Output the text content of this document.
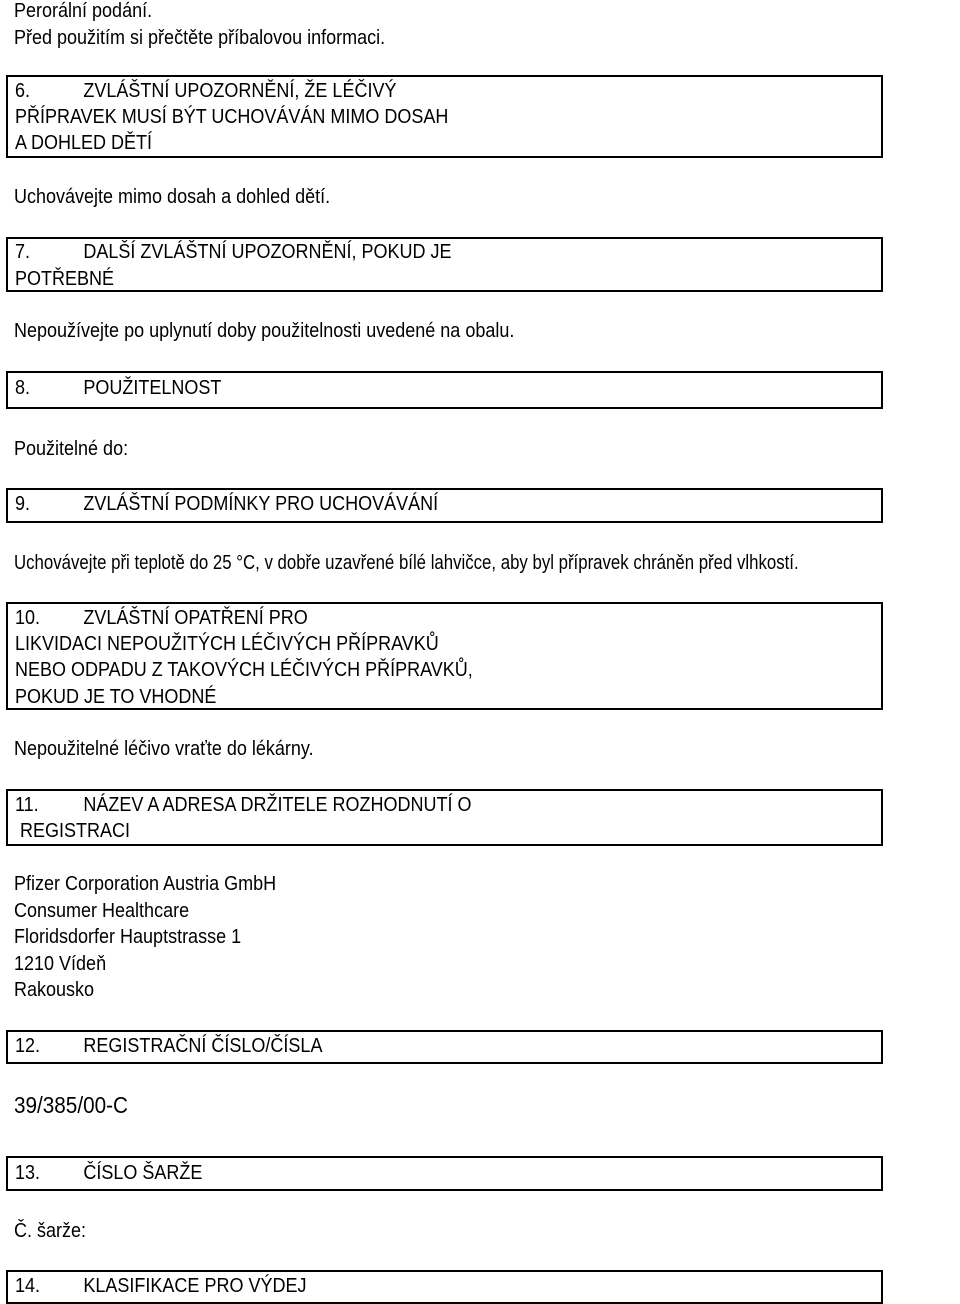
Perorální podání.
Před použitím si přečtěte příbalovou informaci.
6.	ZVLÁŠTNÍ UPOZORNĚNÍ, ŽE LÉČIVÝ
PŘÍPRAVEK MUSÍ BÝT UCHOVÁVÁN MIMO DOSAH
A DOHLED DĚTÍ
Uchovávejte mimo dosah a dohled dětí.
7.	DALŠÍ ZVLÁŠTNÍ UPOZORNĚNÍ, POKUD JE
POTŘEBNÉ
Nepoužívejte po uplynutí doby použitelnosti uvedené na obalu.
8.	POUŽITELNOST
Použitelné do:
9.	ZVLÁŠTNÍ PODMÍNKY PRO UCHOVÁVÁNÍ
Uchovávejte při teplotě do 25 °C, v dobře uzavřené bílé lahvičce, aby byl přípravek chráněn před vlhkostí.
10. ZVLÁŠTNÍ OPATŘENÍ PRO
LIKVIDACI NEPOUŽITÝCH LÉČIVÝCH PŘÍPRAVKŮ
NEBO ODPADU Z TAKOVÝCH LÉČIVÝCH PŘÍPRAVKŮ,
POKUD JE TO VHODNÉ
Nepoužitelné léčivo vraťte do lékárny.
11. NÁZEV A ADRESA DRŽITELE ROZHODNUTÍ O
REGISTRACI
Pfizer Corporation Austria GmbH
Consumer Healthcare
Floridsdorfer Hauptstrasse 1
1210 Vídeň
Rakousko
12. REGISTRAČNÍ ČÍSLO/ČÍSLA
39/385/00-C
13. ČÍSLO ŠARŽE
Č. šarže:
14. KLASIFIKACE PRO VÝDEJ
